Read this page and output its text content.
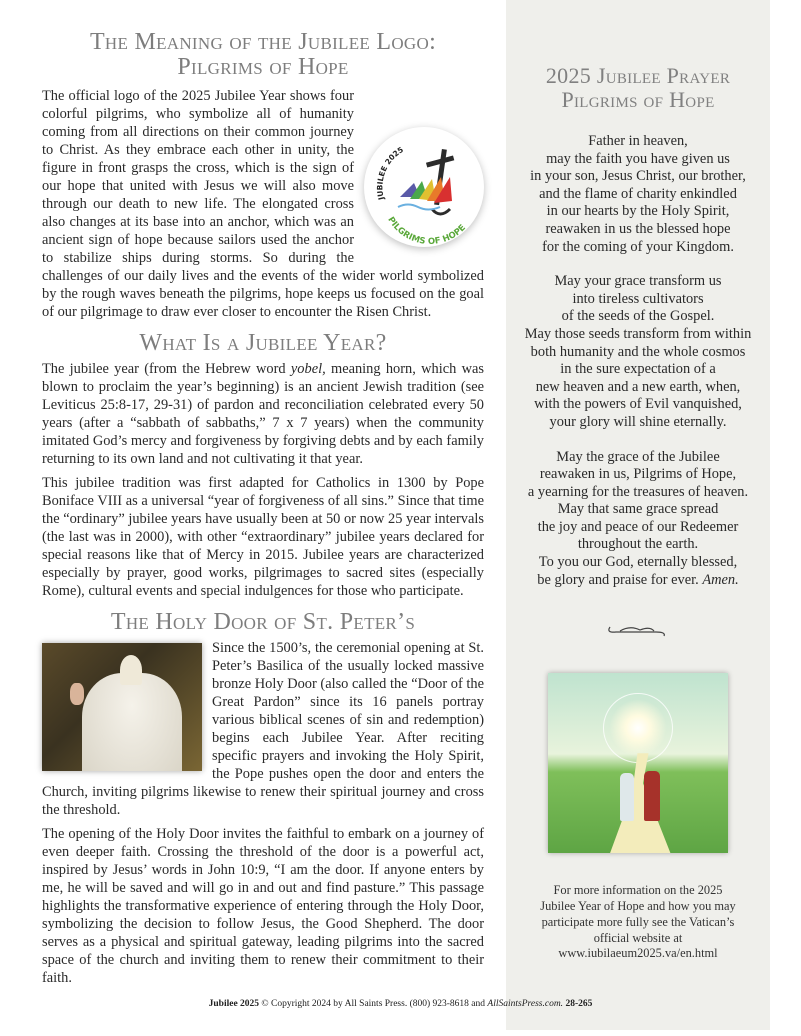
The Meaning of the Jubilee Logo:
Pilgrims of Hope
JUBILEE 2025
PILGRIMS OF HOPE

The official logo of the 2025 Jubilee Year shows four colorful pilgrims, who symbolize all of humanity coming from all directions on their common journey to Christ. As they embrace each other in unity, the figure in front grasps the cross, which is the sign of our hope that united with Jesus we will also move through our death to new life. The elongated cross also changes at its base into an anchor, which was an ancient sign of hope because sailors used the anchor to stabilize ships during storms. So during the challenges of our daily lives and the events of the wider world symbolized by the rough waves beneath the pilgrims, hope keeps us focused on the goal of our pilgrimage to draw ever closer to encounter the Risen Christ.

What Is a Jubilee Year?

The jubilee year (from the Hebrew word yobel, meaning horn, which was blown to proclaim the year’s beginning) is an ancient Jewish tradition (see Leviticus 25:8-17, 29-31) of pardon and reconciliation celebrated every 50 years (after a “sabbath of sabbaths,” 7 x 7 years) when the community imitated God’s mercy and forgiveness by forgiving debts and by each family returning to its own land and not cultivating it that year.

This jubilee tradition was first adapted for Catholics in 1300 by Pope Boniface VIII as a universal “year of forgiveness of all sins.” Since that time the “ordinary” jubilee years have usually been at 50 or now 25 year intervals (the last was in 2000), with other “extraordinary” jubilee years declared for special reasons like that of Mercy in 2015. Jubilee years are characterized especially by prayer, good works, pilgrimages to sacred sites (especially Rome), cultural events and special indulgences for those who participate.

The Holy Door of St. Peter’s

Since the 1500’s, the ceremonial opening at St. Peter’s Basilica of the usually locked massive bronze Holy Door (also called the “Door of the Great Pardon” since its 16 panels portray various biblical scenes of sin and redemption) begins each Jubilee Year. After reciting specific prayers and invoking the Holy Spirit, the Pope pushes open the door and enters the Church, inviting pilgrims likewise to renew their spiritual journey and cross the threshold.

The opening of the Holy Door invites the faithful to embark on a journey of even deeper faith. Crossing the threshold of the door is a powerful act, inspired by Jesus’ words in John 10:9, “I am the door. If anyone enters by me, he will be saved and will go in and out and find pasture.” This passage highlights the transformative experience of entering through the Holy Door, symbolizing the decision to follow Jesus, the Good Shepherd. The door serves as a physical and spiritual gateway, leading pilgrims into the sacred space of the church and inviting them to renew their commitment to their faith.

2025 Jubilee Prayer
Pilgrims of Hope
Father in heaven,
may the faith you have given us
in your son, Jesus Christ, our brother,
and the flame of charity enkindled
in our hearts by the Holy Spirit,
reawaken in us the blessed hope
for the coming of your Kingdom.
May your grace transform us
into tireless cultivators
of the seeds of the Gospel.
May those seeds transform from within
both humanity and the whole cosmos
in the sure expectation of a
new heaven and a new earth, when,
with the powers of Evil vanquished,
your glory will shine eternally.
May the grace of the Jubilee
reawaken in us, Pilgrims of Hope,
a yearning for the treasures of heaven.
May that same grace spread
the joy and peace of our Redeemer
throughout the earth.
To you our God, eternally blessed,
be glory and praise for ever. Amen.
For more information on the 2025
Jubilee Year of Hope and how you may
participate more fully see the Vatican’s
official website at
www.iubilaeum2025.va/en.html
Jubilee 2025 © Copyright 2024 by All Saints Press. (800) 923-8618 and AllSaintsPress.com. 28-265
